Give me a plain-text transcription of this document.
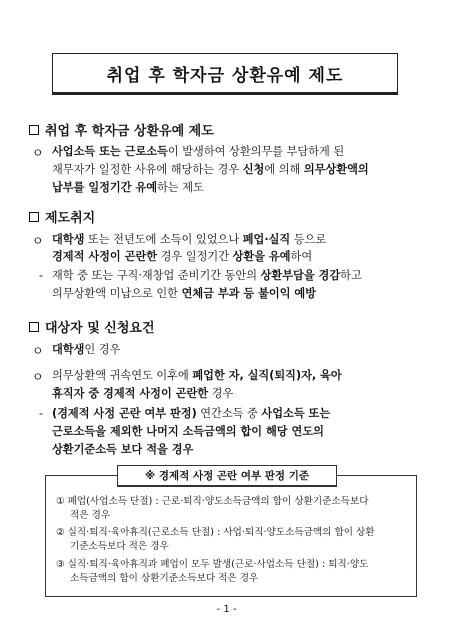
취업 후 학자금 상환유예 제도
취업 후 학자금 상환유예 제도
ㅇ 사업소득 또는 근로소득이 발생하여 상환의무를 부담하게 된
채무자가 일정한 사유에 해당하는 경우 신청에 의해 의무상환액의
납부를 일정기간 유예하는 제도
제도취지
ㅇ 대학생 또는 전년도에 소득이 있었으나 폐업·실직 등으로
경제적 사정이 곤란한 경우 일정기간 상환을 유예하여
- 재학 중 또는 구직·재창업 준비기간 동안의 상환부담을 경감하고
의무상환액 미납으로 인한 연체금 부과 등 불이익 예방
대상자 및 신청요건
ㅇ 대학생인 경우
ㅇ 의무상환액 귀속연도 이후에 폐업한 자, 실직(퇴직)자, 육아
휴직자 중 경제적 사정이 곤란한 경우
- (경제적 사정 곤란 여부 판정) 연간소득 중 사업소득 또는
근로소득을 제외한 나머지 소득금액의 합이 해당 연도의
상환기준소득 보다 적을 경우
※ 경제적 사정 곤란 여부 판정 기준
① 폐업(사업소득 단절) : 근로·퇴직·양도소득금액의 합이 상환기준소득보다
적은 경우
② 실직·퇴직·육아휴직(근로소득 단절) : 사업·퇴직·양도소득금액의 합이 상환
기준소득보다 적은 경우
③ 실직·퇴직·육아휴직과 폐업이 모두 발생(근로·사업소득 단절) : 퇴직·양도
소득금액의 합이 상환기준소득보다 적은 경우
- 1 -
